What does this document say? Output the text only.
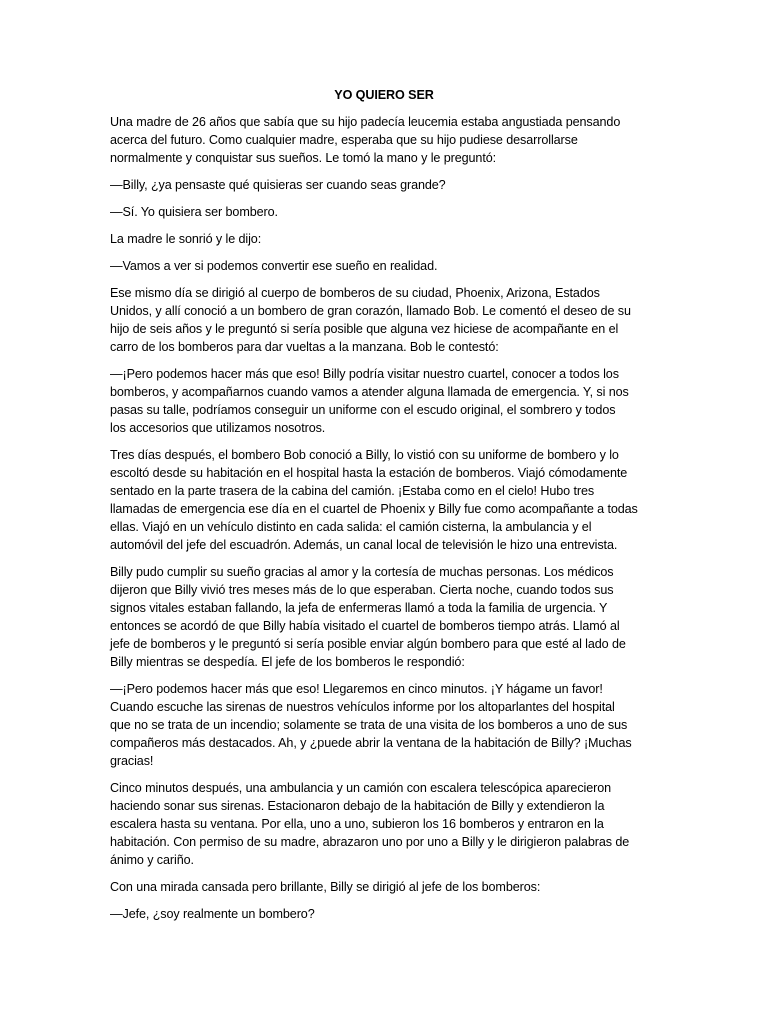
YO QUIERO SER

Una madre de 26 años que sabía que su hijo padecía leucemia estaba angustiada pensando
acerca del futuro. Como cualquier madre, esperaba que su hijo pudiese desarrollarse
normalmente y conquistar sus sueños. Le tomó la mano y le preguntó:

—Billy, ¿ya pensaste qué quisieras ser cuando seas grande?

—Sí. Yo quisiera ser bombero.

La madre le sonrió y le dijo:

—Vamos a ver si podemos convertir ese sueño en realidad.

Ese mismo día se dirigió al cuerpo de bomberos de su ciudad, Phoenix, Arizona, Estados
Unidos, y allí conoció a un bombero de gran corazón, llamado Bob. Le comentó el deseo de su
hijo de seis años y le preguntó si sería posible que alguna vez hiciese de acompañante en el
carro de los bomberos para dar vueltas a la manzana. Bob le contestó:

—¡Pero podemos hacer más que eso! Billy podría visitar nuestro cuartel, conocer a todos los
bomberos, y acompañarnos cuando vamos a atender alguna llamada de emergencia. Y, si nos
pasas su talle, podríamos conseguir un uniforme con el escudo original, el sombrero y todos
los accesorios que utilizamos nosotros.

Tres días después, el bombero Bob conoció a Billy, lo vistió con su uniforme de bombero y lo
escoltó desde su habitación en el hospital hasta la estación de bomberos. Viajó cómodamente
sentado en la parte trasera de la cabina del camión. ¡Estaba como en el cielo! Hubo tres
llamadas de emergencia ese día en el cuartel de Phoenix y Billy fue como acompañante a todas
ellas. Viajó en un vehículo distinto en cada salida: el camión cisterna, la ambulancia y el
automóvil del jefe del escuadrón. Además, un canal local de televisión le hizo una entrevista.

Billy pudo cumplir su sueño gracias al amor y la cortesía de muchas personas. Los médicos
dijeron que Billy vivió tres meses más de lo que esperaban. Cierta noche, cuando todos sus
signos vitales estaban fallando, la jefa de enfermeras llamó a toda la familia de urgencia. Y
entonces se acordó de que Billy había visitado el cuartel de bomberos tiempo atrás. Llamó al
jefe de bomberos y le preguntó si sería posible enviar algún bombero para que esté al lado de
Billy mientras se despedía. El jefe de los bomberos le respondió:

—¡Pero podemos hacer más que eso! Llegaremos en cinco minutos. ¡Y hágame un favor!
Cuando escuche las sirenas de nuestros vehículos informe por los altoparlantes del hospital
que no se trata de un incendio; solamente se trata de una visita de los bomberos a uno de sus
compañeros más destacados. Ah, y ¿puede abrir la ventana de la habitación de Billy? ¡Muchas
gracias!

Cinco minutos después, una ambulancia y un camión con escalera telescópica aparecieron
haciendo sonar sus sirenas. Estacionaron debajo de la habitación de Billy y extendieron la
escalera hasta su ventana. Por ella, uno a uno, subieron los 16 bomberos y entraron en la
habitación. Con permiso de su madre, abrazaron uno por uno a Billy y le dirigieron palabras de
ánimo y cariño.

Con una mirada cansada pero brillante, Billy se dirigió al jefe de los bomberos:

—Jefe, ¿soy realmente un bombero?
